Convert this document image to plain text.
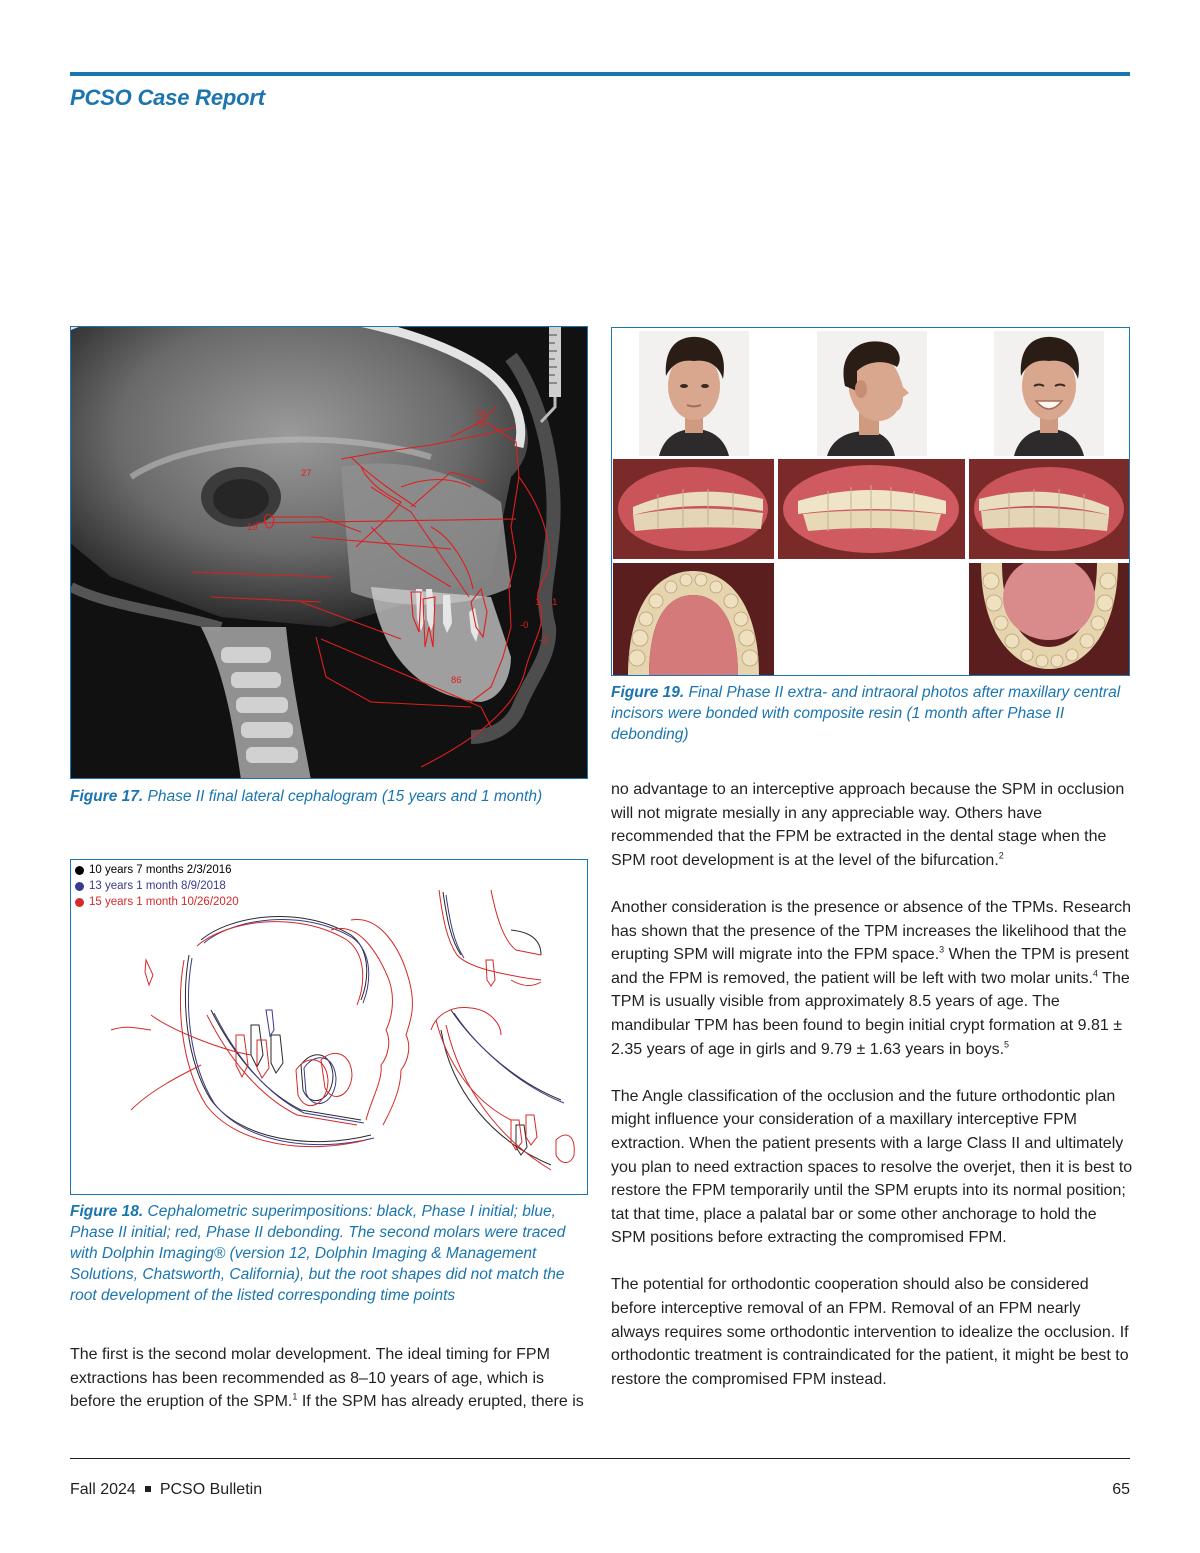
PCSO Case Report
78
78
27
19
1 -1
-0
-3
86
Figure 17. Phase II final lateral cephalogram (15 years and 1 month)
Figure 19. Final Phase II extra- and intraoral photos after maxillary central incisors were bonded with composite resin (1 month after Phase II debonding)
10 years 7 months 2/3/2016
13 years 1 month 8/9/2018
15 years 1 month 10/26/2020
Figure 18. Cephalometric superimpositions: black, Phase I initial; blue, Phase II initial; red, Phase II debonding. The second molars were traced with Dolphin Imaging® (version 12, Dolphin Imaging & Management Solutions, Chatsworth, California), but the root shapes did not match the root development of the listed corresponding time points

The first is the second molar development. The ideal timing for FPM extractions has been recommended as 8–10 years of age, which is before the eruption of the SPM.$^1$ If the SPM has already erupted, there is

no advantage to an interceptive approach because the SPM in occlusion will not migrate mesially in any appreciable way. Others have recommended that the FPM be extracted in the dental stage when the SPM root development is at the level of the bifurcation.$^2$

Another consideration is the presence or absence of the TPMs. Research has shown that the presence of the TPM increases the likelihood that the erupting SPM will migrate into the FPM space.$^3$ When the TPM is present and the FPM is removed, the patient will be left with two molar units.$^4$ The TPM is usually visible from approximately 8.5 years of age. The mandibular TPM has been found to begin initial crypt formation at 9.81 ± 2.35 years of age in girls and 9.79 ± 1.63 years in boys.$^5$

The Angle classification of the occlusion and the future orthodontic plan might influence your consideration of a maxillary interceptive FPM extraction. When the patient presents with a large Class II and ultimately you plan to need extraction spaces to resolve the overjet, then it is best to restore the FPM temporarily until the SPM erupts into its normal position; tat that time, place a palatal bar or some other anchorage to hold the SPM positions before extracting the compromised FPM.

The potential for orthodontic cooperation should also be considered before interceptive removal of an FPM. Removal of an FPM nearly always requires some orthodontic intervention to idealize the occlusion. If orthodontic treatment is contraindicated for the patient, it might be best to restore the compromised FPM instead.

Fall 2024 PCSO Bulletin	65
